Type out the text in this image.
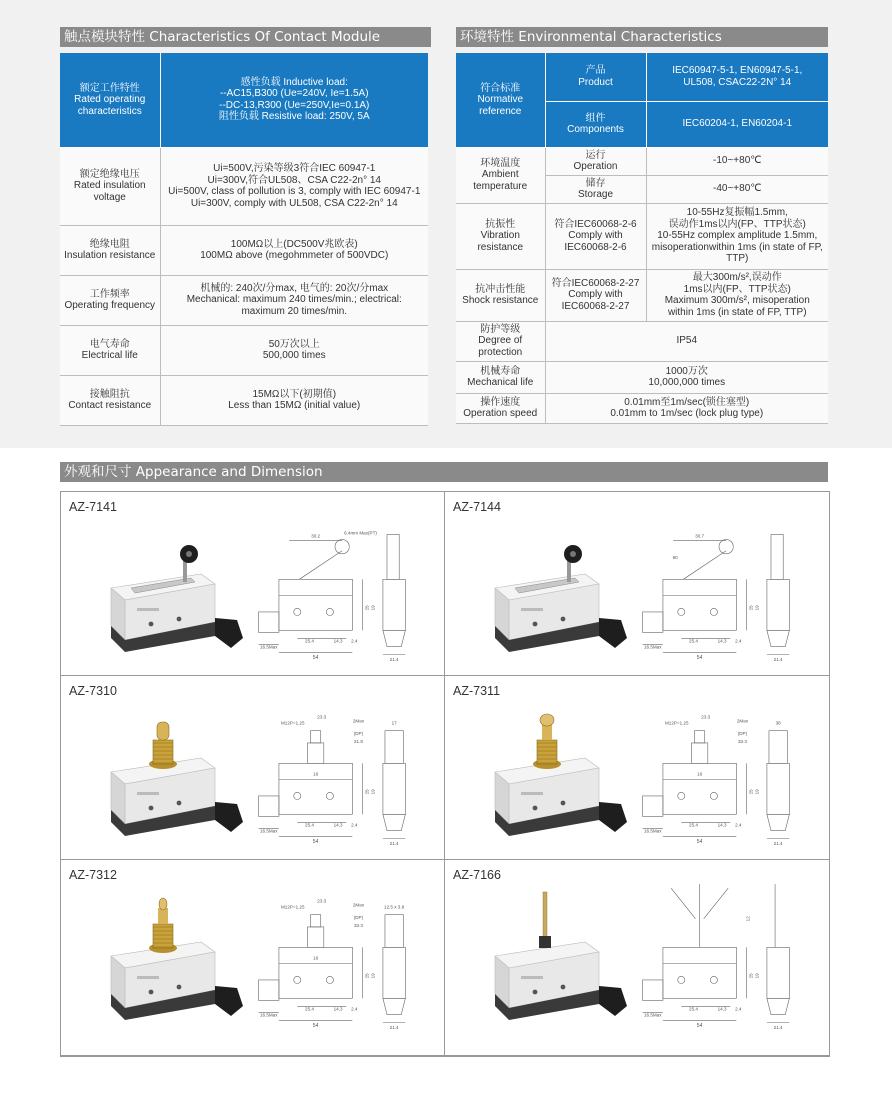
触点模块特性 Characteristics Of Contact Module
额定工作特性
Rated operating
characteristics	感性负载 Inductive load:
--AC15,B300 (Ue=240V, Ie=1.5A)
--DC-13,R300 (Ue=250V,Ie=0.1A)
阻性负载 Resistive load: 250V, 5A

额定绝缘电压
Rated insulation
voltage	Ui=500V,污染等级3符合IEC 60947-1
Ui=300V,符合UL508、CSA C22-2n° 14
Ui=500V, class of pollution is 3, comply with IEC 60947-1
Ui=300V, comply with UL508, CSA C22-2n° 14

绝缘电阻
Insulation resistance	100MΩ以上(DC500V兆欧表)
100MΩ above (megohmmeter of 500VDC)

工作频率
Operating frequency	机械的: 240次/分max, 电气的: 20次/分max
Mechanical: maximum 240 times/min.; electrical:
maximum 20 times/min.

电气寿命
Electrical life	50万次以上
500,000 times

接触阻抗
Contact resistance	15MΩ以下(初期值)
Less than 15MΩ (initial value)
环境特性 Environmental Characteristics
符合标准
Normative
reference	产品
Product	IEC60947-5-1, EN60947-5-1,
UL508, CSAC22-2N° 14

	组件
Components	IEC60204-1, EN60204-1

环境温度
Ambient
temperature	运行
Operation	-10~+80℃

	储存
Storage	-40~+80℃

抗振性
Vibration
resistance	符合IEC60068-2-6
Comply with
IEC60068-2-6	10-55Hz复振幅1.5mm,
误动作1ms以内(FP、TTP状态)
10-55Hz complex amplitude 1.5mm,
misoperationwithin 1ms (in state of FP,
TTP)

抗冲击性能
Shock resistance	符合IEC60068-2-27
Comply with
IEC60068-2-27	最大300m/s²,误动作
1ms以内(FP、TTP状态)
Maximum 300m/s², misoperation
within 1ms (in state of FP, TTP)

防护等级
Degree of
protection	IP54	

机械寿命
Mechanical life	1000万次
10,000,000 times	

操作速度
Operation speed	0.01mm至1m/sec(锁住塞型)
0.01mm to 1m/sec (lock plug type)	
外观和尺寸 Appearance and Dimension
AZ-7141
16.5Max
54
25.4	14.3 2.4
21.4
30.2
6.4mm Max(PT)
25 19
AZ-7144
16.5Max
54
25.4	14.3 2.4
21.4
30.7
90
25 19
AZ-7310
16.5Max
54
25.4	14.3 2.4
21.4
M12P=1.25
23.3
2Max
(DP)
21.8
16
17
25 19
AZ-7311
16.5Max
54
25.4	14.3 2.4
21.4
M12P=1.25
23.3
2Max
(DP)
33.3
16
38
25 19
AZ-7312
16.5Max
54
25.4	14.3 2.4
21.4
M12P=1.25
23.3
2Max
(DP)
33.3
16
12.5 x 3.8
25 19
AZ-7166
16.5Max
54
25.4	14.3 2.4
21.4
12
25 19
